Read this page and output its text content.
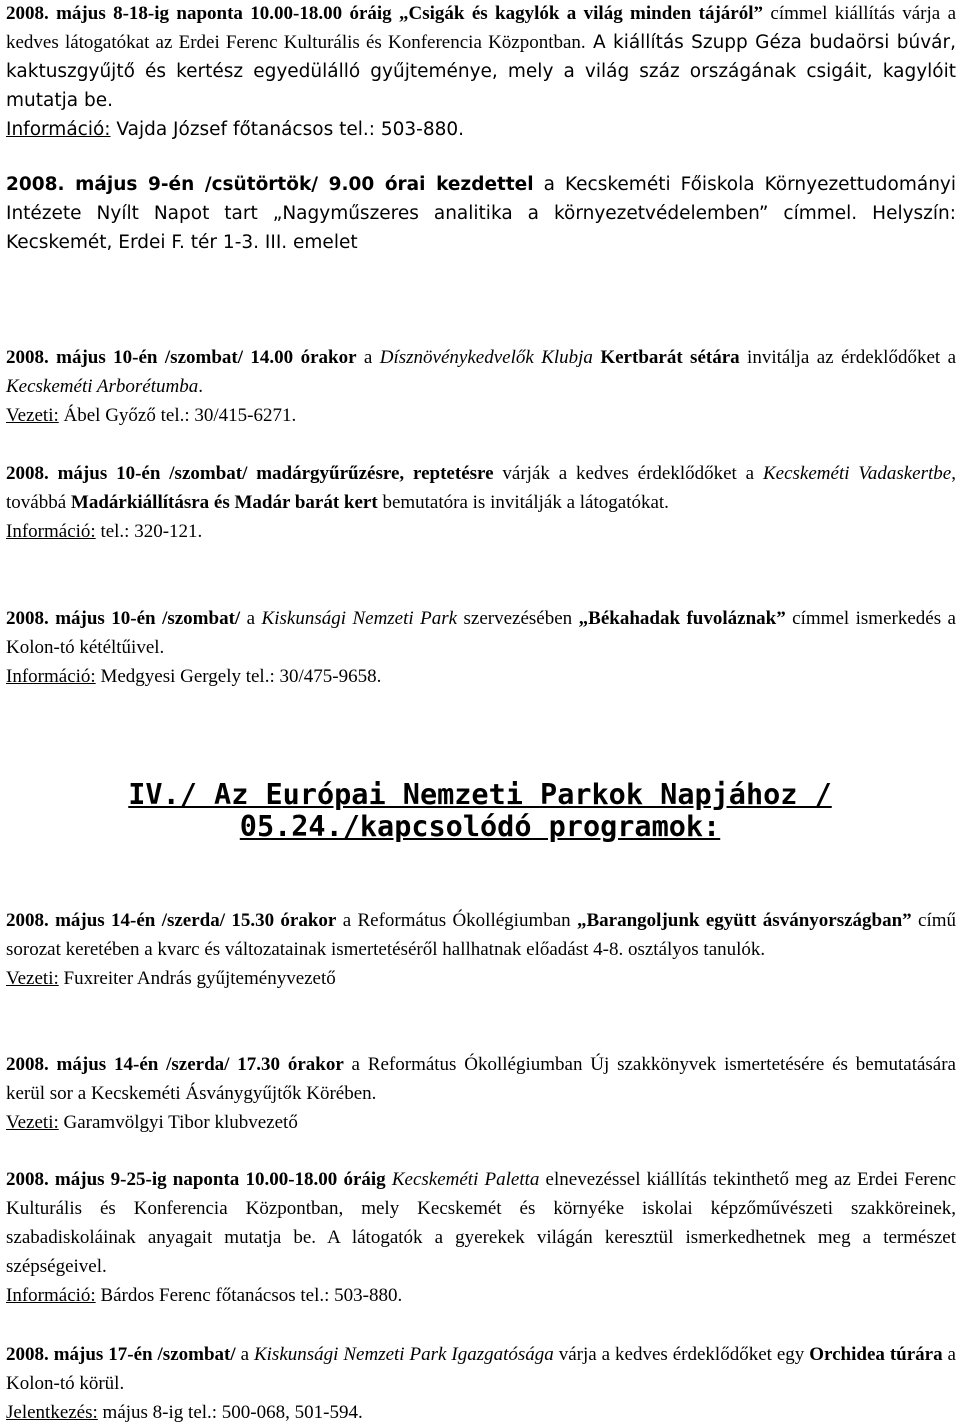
2008. május 8-18-ig naponta 10.00-18.00 óráig „Csigák és kagylók a világ minden tájáról” címmel kiállítás várja a kedves látogatókat az Erdei Ferenc Kulturális és Konferencia Központban. A kiállítás Szupp Géza budaörsi búvár, kaktuszgyűjtő és kertész egyedülálló gyűjteménye, mely a világ száz országának csigáit, kagylóit mutatja be.
Információ: Vajda József főtanácsos tel.: 503-880.
2008. május 9-én /csütörtök/ 9.00 órai kezdettel a Kecskeméti Főiskola Környezettudományi Intézete Nyílt Napot tart „Nagyműszeres analitika a környezetvédelemben” címmel. Helyszín: Kecskemét, Erdei F. tér 1-3. III. emelet
2008. május 10-én /szombat/ 14.00 órakor a Dísznövénykedvelők Klubja Kertbarát sétára invitálja az érdeklődőket a Kecskeméti Arborétumba.
Vezeti: Ábel Győző tel.: 30/415-6271.
2008. május 10-én /szombat/ madárgyűrűzésre, reptetésre várják a kedves érdeklődőket a Kecskeméti Vadaskertbe, továbbá Madárkiállításra és Madár barát kert bemutatóra is invitálják a látogatókat.
Információ: tel.: 320-121.
2008. május 10-én /szombat/ a Kiskunsági Nemzeti Park szervezésében „Békahadak fuvoláznak” címmel ismerkedés a Kolon-tó kétéltűivel.
Információ: Medgyesi Gergely tel.: 30/475-9658.
IV./ Az Európai Nemzeti Parkok Napjához /
05.24./kapcsolódó programok:
2008. május 14-én /szerda/ 15.30 órakor a Református Ókollégiumban „Barangoljunk együtt ásványországban” című sorozat keretében a kvarc és változatainak ismertetéséről hallhatnak előadást 4-8. osztályos tanulók.
Vezeti: Fuxreiter András gyűjteményvezető
2008. május 14-én /szerda/ 17.30 órakor a Református Ókollégiumban Új szakkönyvek ismertetésére és bemutatására kerül sor a Kecskeméti Ásványgyűjtők Körében.
Vezeti: Garamvölgyi Tibor klubvezető
2008. május 9-25-ig naponta 10.00-18.00 óráig Kecskeméti Paletta elnevezéssel kiállítás tekinthető meg az Erdei Ferenc Kulturális és Konferencia Központban, mely Kecskemét és környéke iskolai képzőművészeti szakköreinek, szabadiskoláinak anyagait mutatja be. A látogatók a gyerekek világán keresztül ismerkedhetnek meg a természet szépségeivel.
Információ: Bárdos Ferenc főtanácsos tel.: 503-880.
2008. május 17-én /szombat/ a Kiskunsági Nemzeti Park Igazgatósága várja a kedves érdeklődőket egy Orchidea túrára a Kolon-tó körül.
Jelentkezés: május 8-ig tel.: 500-068, 501-594.
